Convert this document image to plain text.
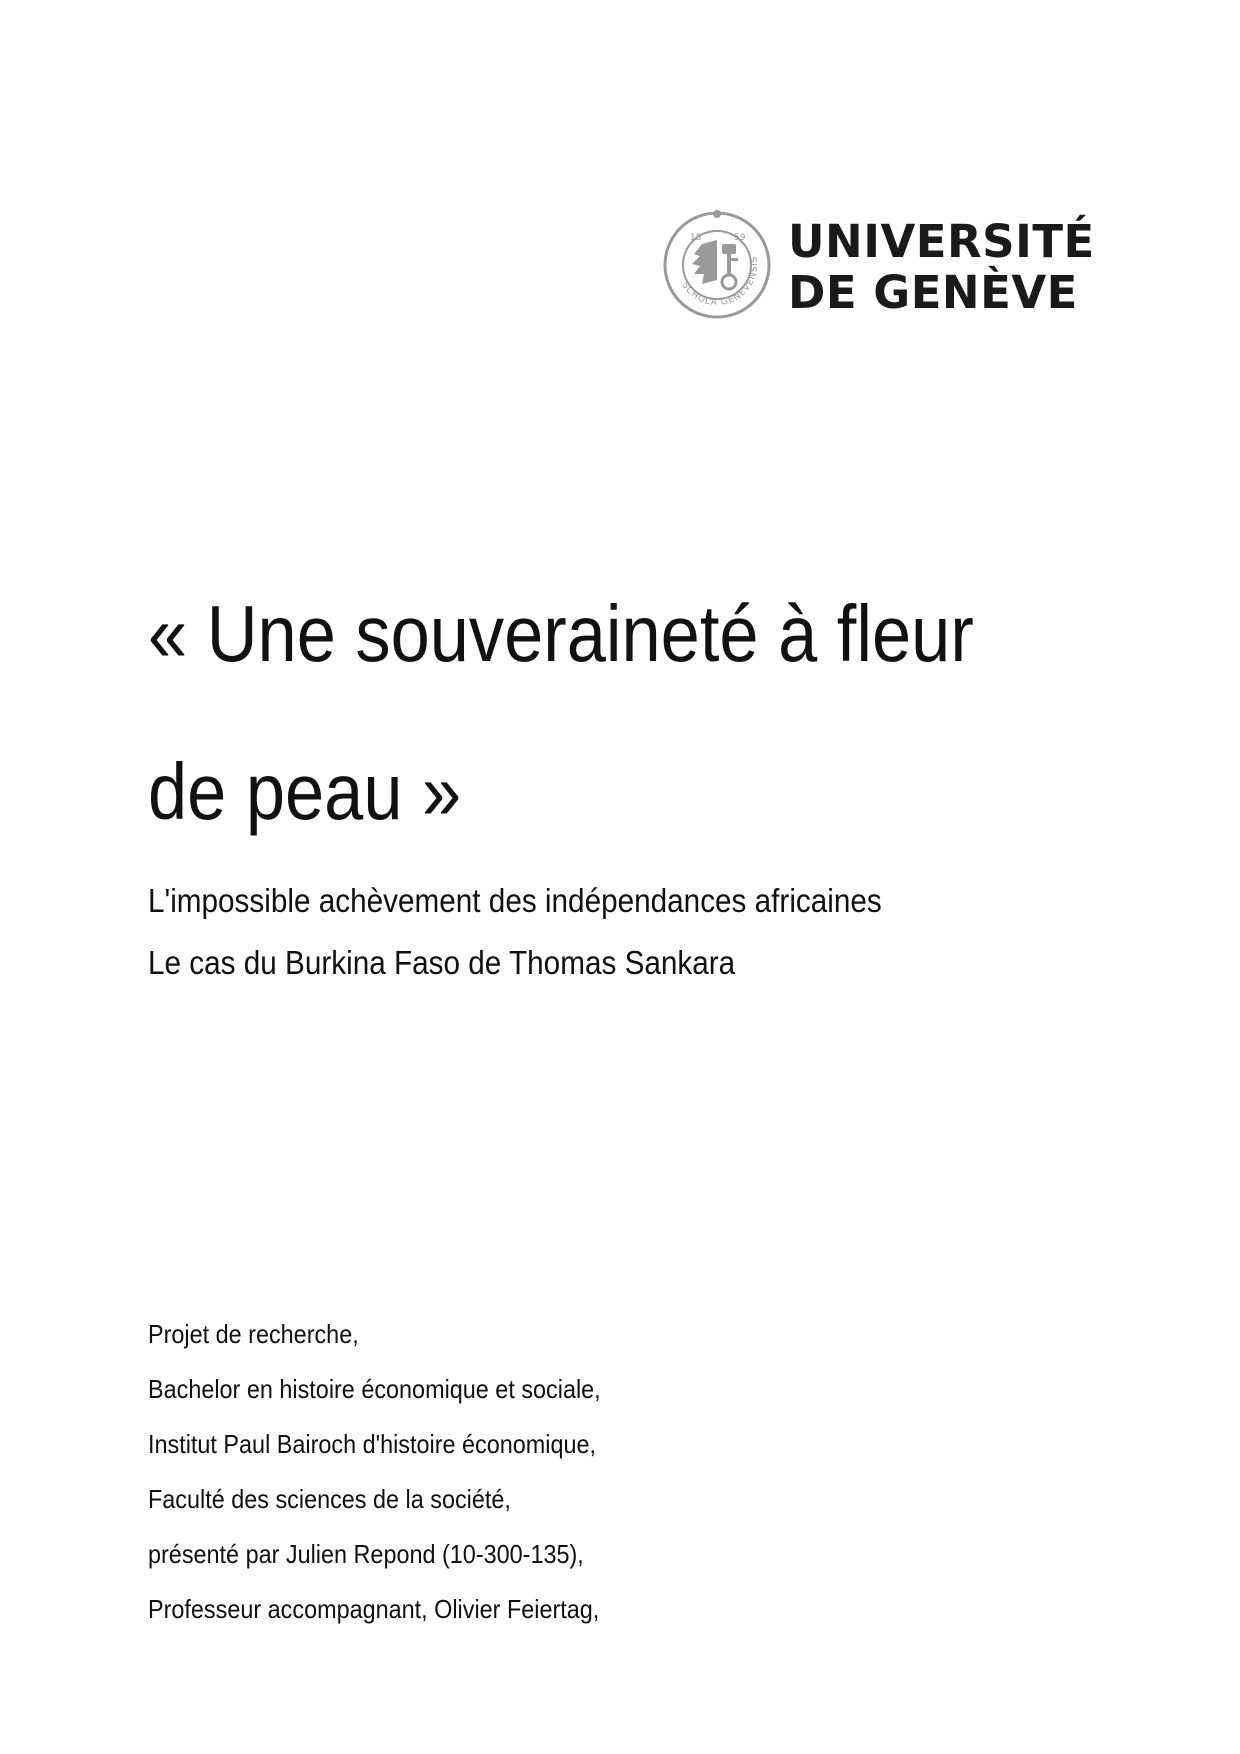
SCHOLA GENEVENSIS
15	59 UNIVERSITÉ
DE GENÈVE
« Une souveraineté à fleur
de peau »
L'impossible achèvement des indépendances africaines
Le cas du Burkina Faso de Thomas Sankara
Projet de recherche,
Bachelor en histoire économique et sociale,
Institut Paul Bairoch d'histoire économique,
Faculté des sciences de la société,
présenté par Julien Repond (10-300-135),
Professeur accompagnant, Olivier Feiertag,
